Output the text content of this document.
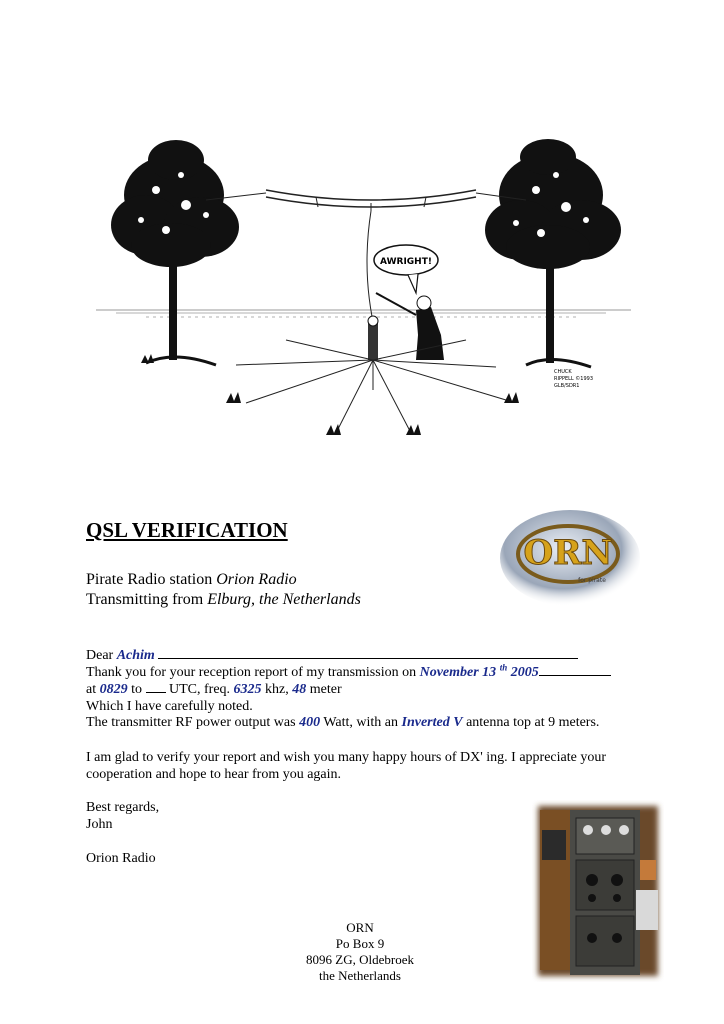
AWRIGHT!
CHUCK
RIPPELL ©1993
GLB/SDR1
QSL VERIFICATION
ORN
for pirate
Pirate Radio station Orion Radio
Transmitting from Elburg, the Netherlands
Dear Achim
Thank you for your reception report of my transmission on November 13 $^{th}$ 2005
at 0829 to  UTC, freq. 6325 khz, 48 meter
Which I have carefully noted.
The transmitter RF power output was 400 Watt, with an Inverted V antenna top at 9 meters.
I am glad to verify your report and wish you many happy hours of DX' ing. I appreciate your
cooperation and hope to hear from you again.
Best regards,
John
Orion Radio
ORN
Po Box 9
8096 ZG, Oldebroek
the Netherlands
